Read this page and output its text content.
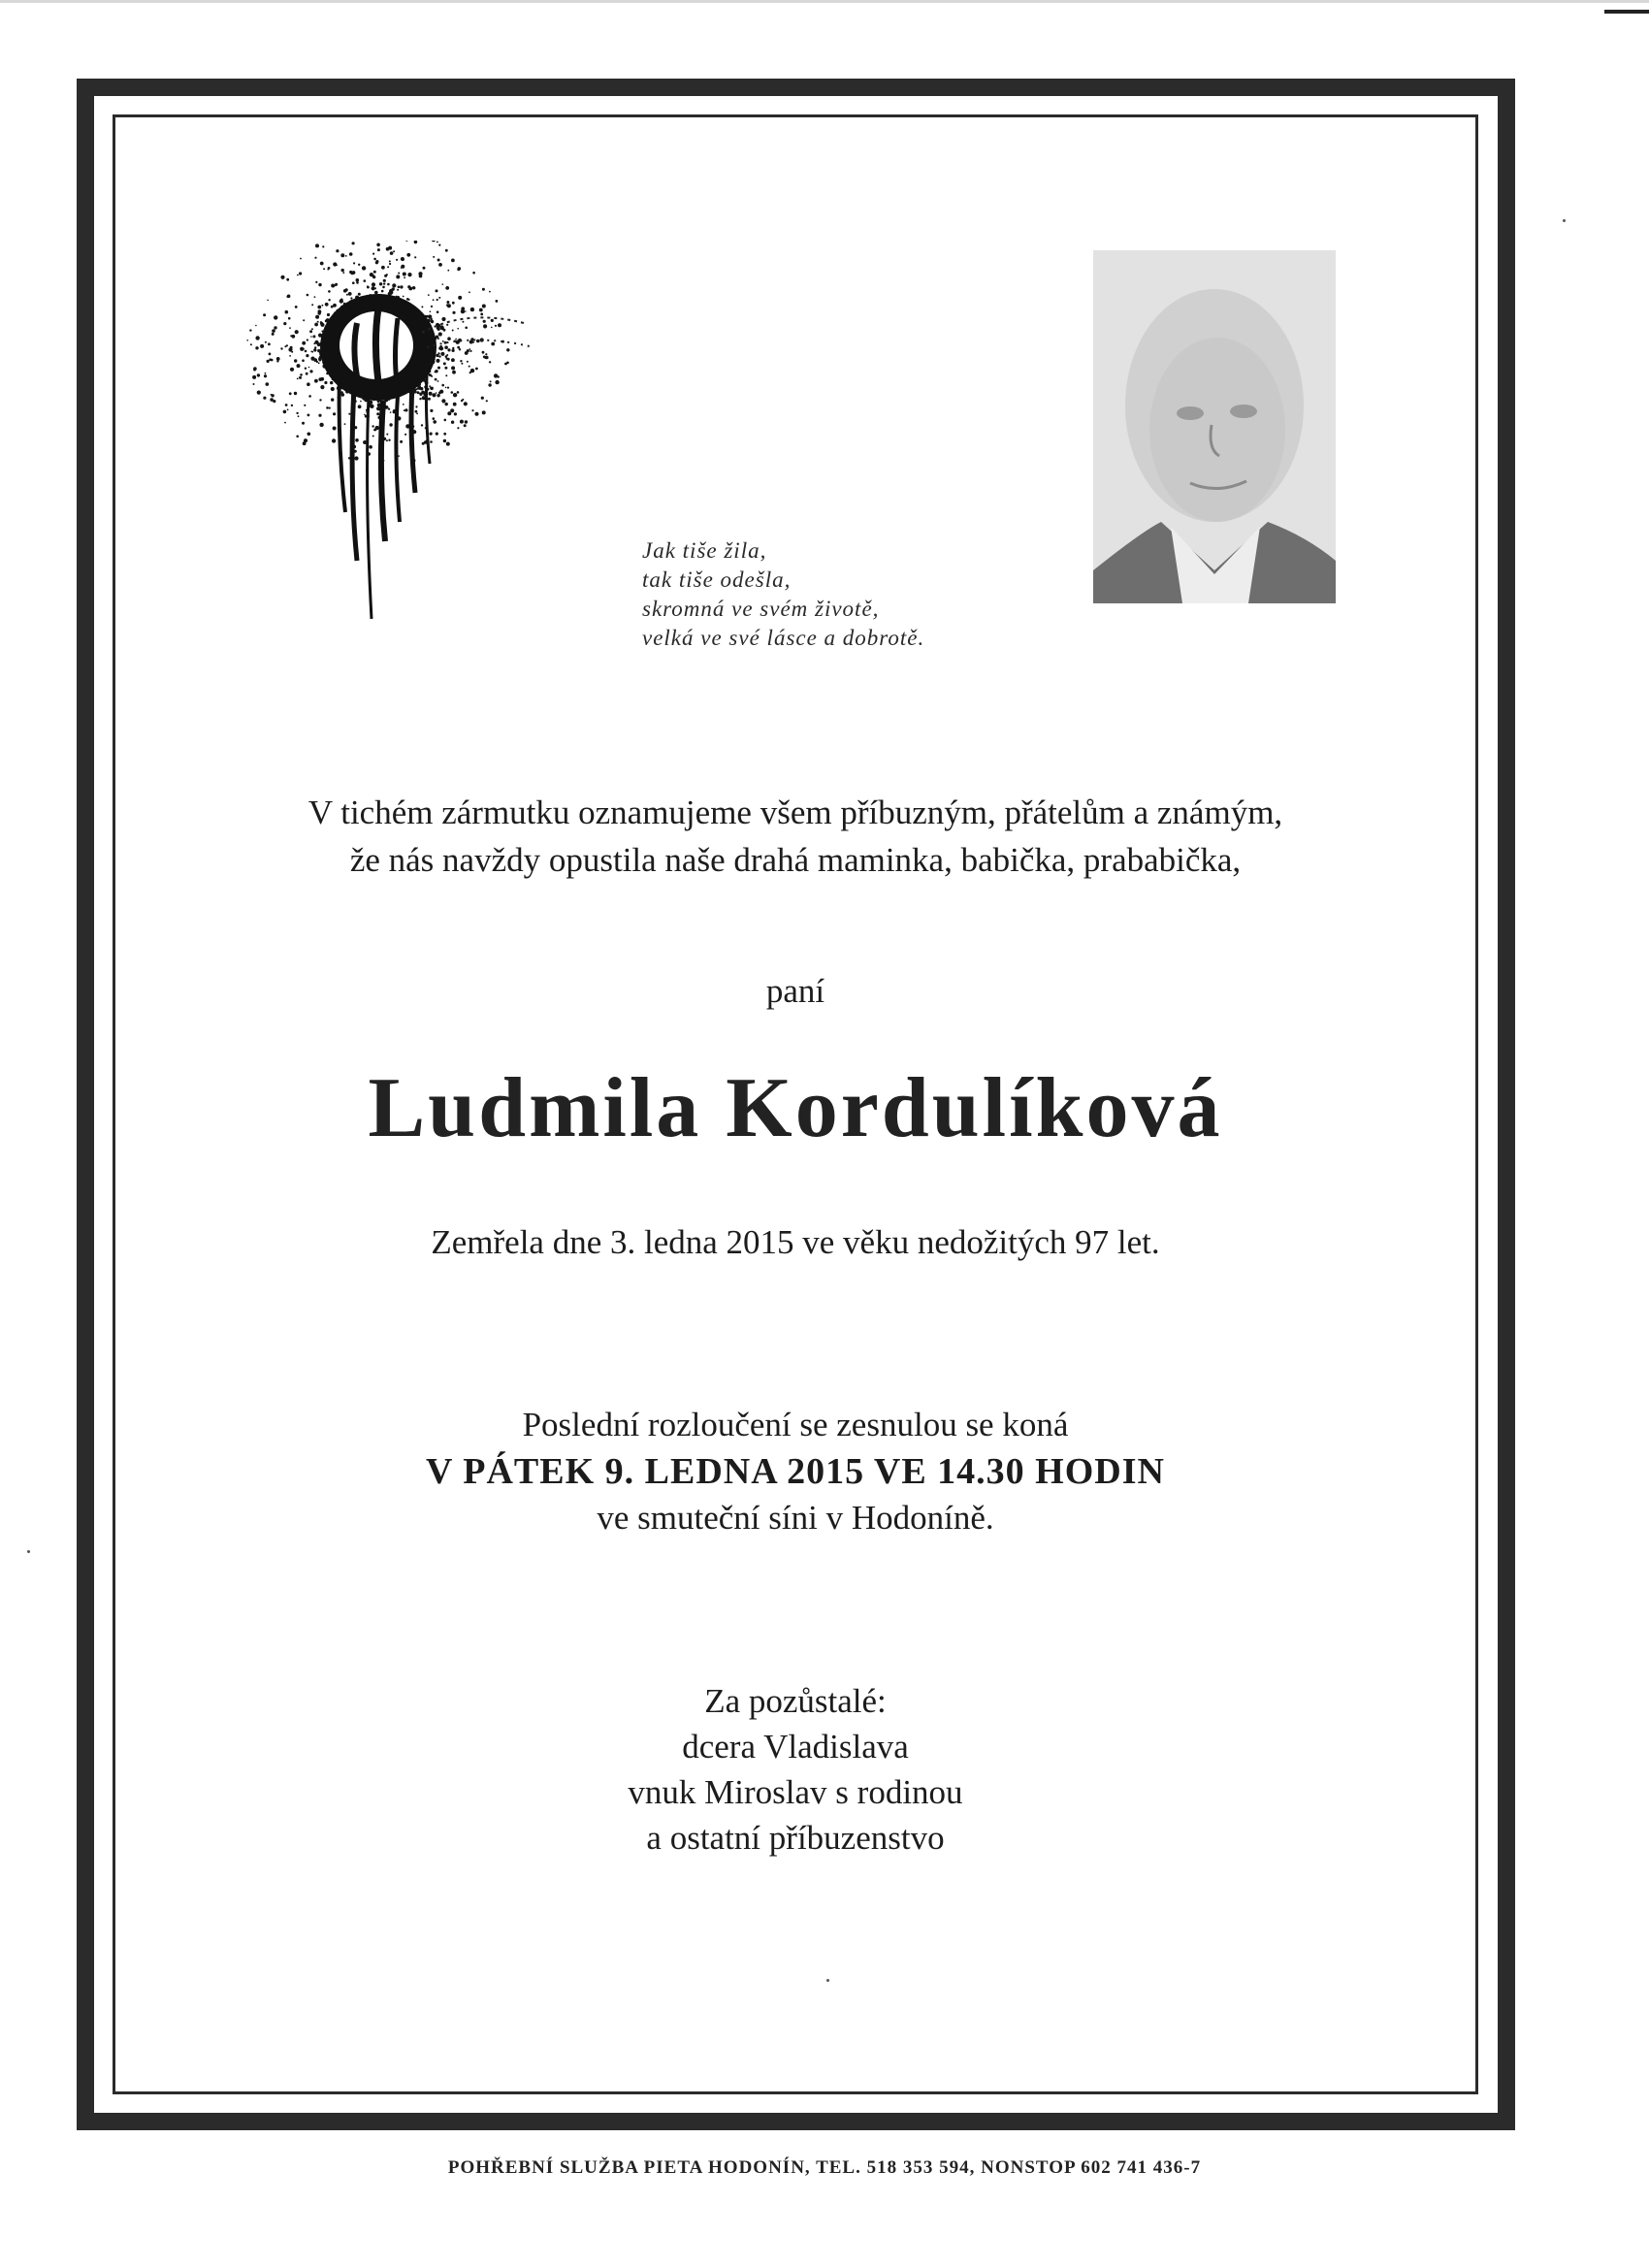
Jak tiše žila,
tak tiše odešla,
skromná ve svém životě,
velká ve své lásce a dobrotě.
V tichém zármutku oznamujeme všem příbuzným, přátelům a známým,
že nás navždy opustila naše drahá maminka, babička, prababička,
paní
Ludmila Kordulíková
Zemřela dne 3. ledna 2015 ve věku nedožitých 97 let.
Poslední rozloučení se zesnulou se koná
V PÁTEK 9. LEDNA 2015 VE 14.30 HODIN
ve smuteční síni v Hodoníně.
Za pozůstalé:
dcera Vladislava
vnuk Miroslav s rodinou
a ostatní příbuzenstvo
POHŘEBNÍ SLUŽBA PIETA HODONÍN, TEL. 518 353 594, NONSTOP 602 741 436-7
